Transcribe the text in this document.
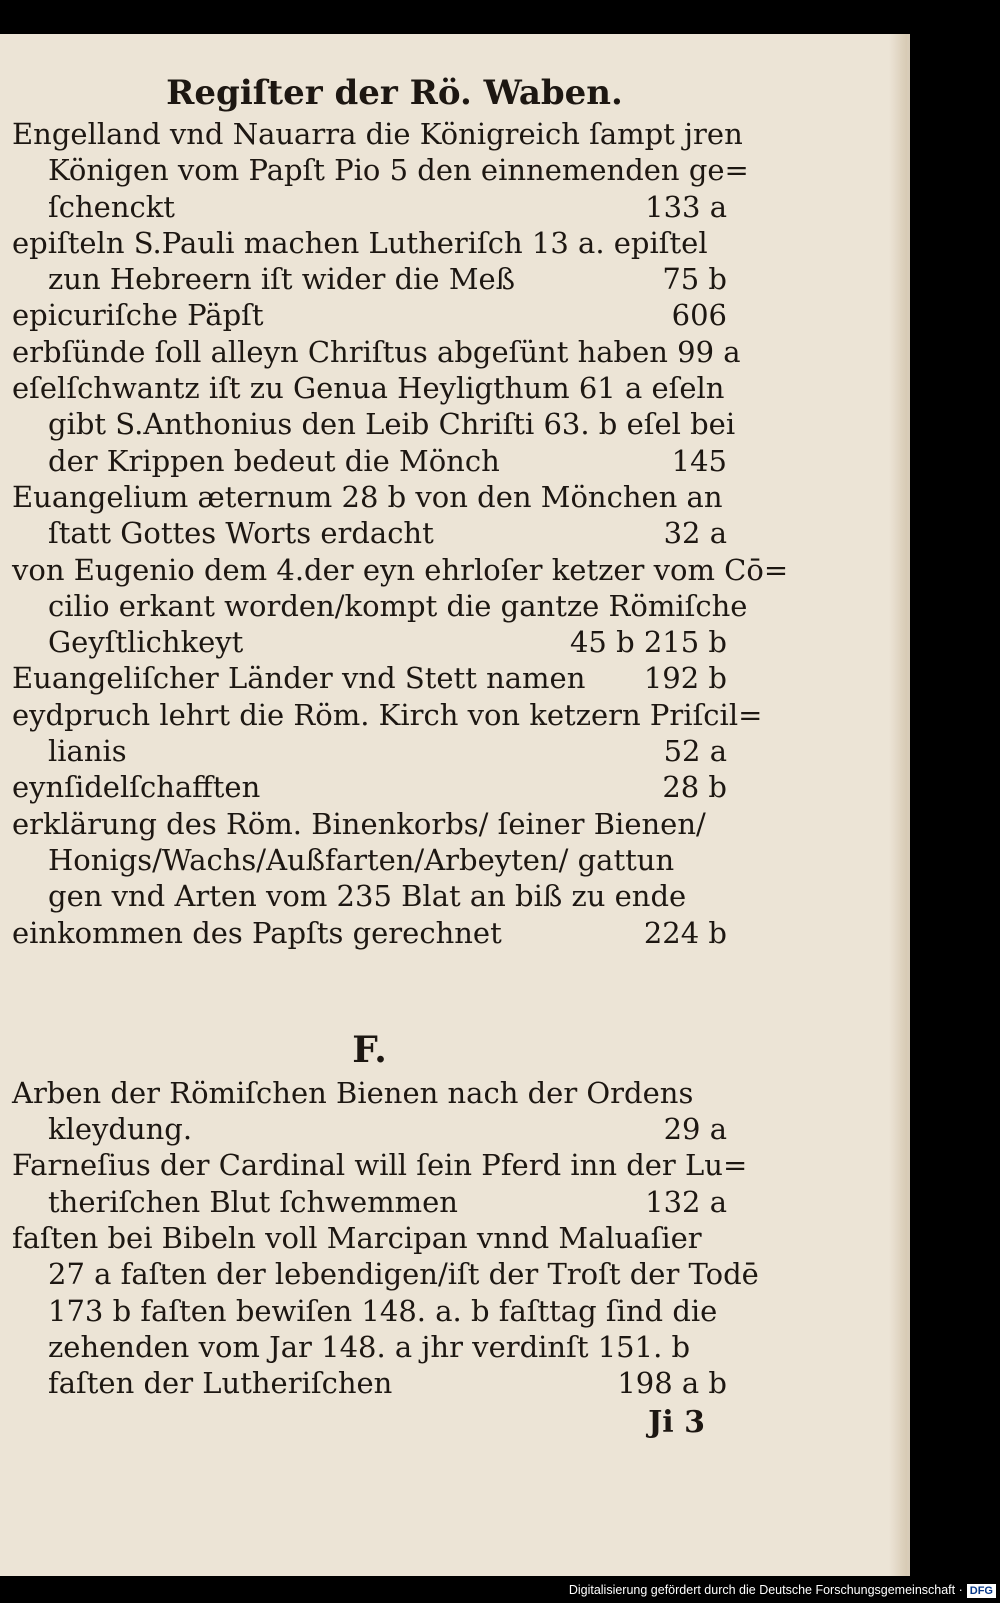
Regiſter der Rö. Waben.
Engelland vnd Nauarra die Königreich ſampt jren
Königen vom Papſt Pio 5 den einnemenden ge=
ſchenckt	133 a
epiſteln S.Pauli machen Lutheriſch 13 a. epiſtel
zun Hebreern iſt wider die Meß	75 b
epicuriſche Päpſt	606
erbſünde ſoll alleyn Chriſtus abgeſünt haben 99 a
eſelſchwantz iſt zu Genua Heyligthum 61 a eſeln
gibt S.Anthonius den Leib Chriſti 63. b eſel bei
der Krippen bedeut die Mönch	145
Euangelium æternum 28 b von den Mönchen an
ſtatt Gottes Worts erdacht	32 a
von Eugenio dem 4.der eyn ehrloſer ketzer vom Cō=
cilio erkant worden/kompt die gantze Römiſche
Geyſtlichkeyt	45 b 215 b
Euangeliſcher Länder vnd Stett namen 192 b
eydpruch lehrt die Röm. Kirch von ketzern Priſcil=
lianis	52 a
eynſidelſchafften	28 b
erklärung des Röm. Binenkorbs/ ſeiner Bienen/
Honigs/Wachs/Außfarten/Arbeyten/ gattun
gen vnd Arten vom 235 Blat an biß zu ende
einkommen des Papſts gerechnet	224 b
F.
Arben der Römiſchen Bienen nach der Ordens
kleydung.	29 a
Farneſius der Cardinal will ſein Pferd inn der Lu=
theriſchen Blut ſchwemmen	132 a
faſten bei Bibeln voll Marcipan vnnd Maluaſier
27 a faſten der lebendigen/iſt der Troſt der Todē
173 b faſten bewiſen 148. a. b faſttag ſind die
zehenden vom Jar 148. a jhr verdinſt 151. b
faſten der Lutheriſchen	198 a b
Ji 3
Digitalisierung gefördert durch die Deutsche Forschungsgemeinschaft · DFG
